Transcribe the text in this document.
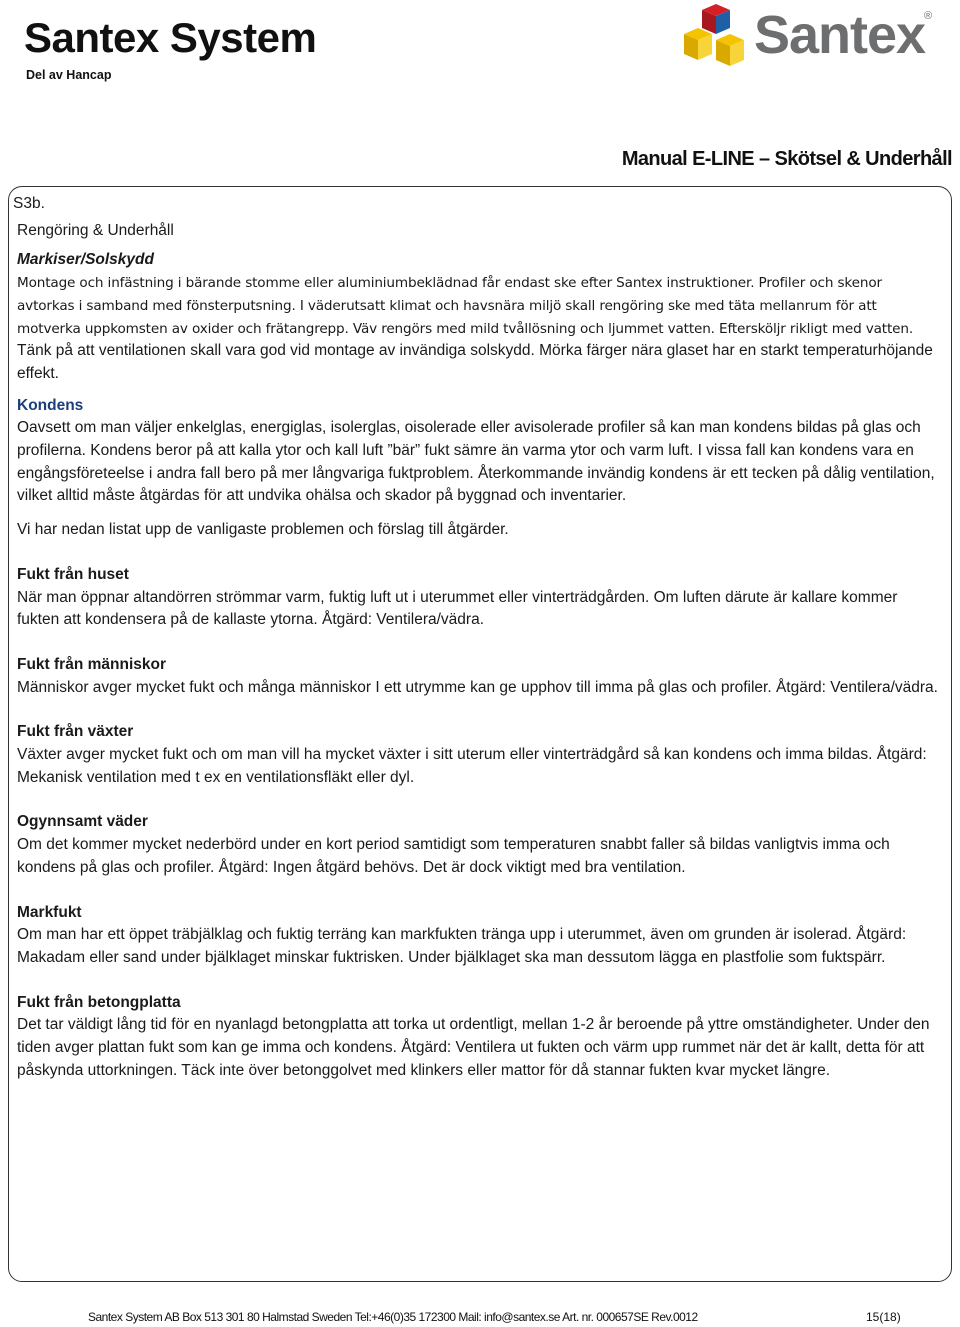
Santex System
Del av Hancap
Santex
®
Manual E-LINE – Skötsel & Underhåll

S3b.

Rengöring & Underhåll

Markiser/Solskydd

Montage och infästning i bärande stomme eller aluminiumbeklädnad får endast ske efter Santex instruktioner. Profiler och skenor avtorkas i samband med fönsterputsning. I väderutsatt klimat och havsnära miljö skall rengöring ske med täta mellanrum för att motverka uppkomsten av oxider och frätangrepp. Väv rengörs med mild tvållösning och ljummet vatten. Eftersköljr rikligt med vatten.

Tänk på att ventilationen skall vara god vid montage av invändiga solskydd. Mörka färger nära glaset har en starkt temperaturhöjande effekt.

Kondens

Oavsett om man väljer enkelglas, energiglas, isolerglas, oisolerade eller avisolerade profiler så kan man kondens bildas på glas och profilerna. Kondens beror på att kalla ytor och kall luft ”bär” fukt sämre än varma ytor och varm luft. I vissa fall kan kondens vara en engångsföreteelse i andra fall bero på mer långvariga fuktproblem. Återkommande invändig kondens är ett tecken på dålig ventilation, vilket alltid måste åtgärdas för att undvika ohälsa och skador på byggnad och inventarier.

Vi har nedan listat upp de vanligaste problemen och förslag till åtgärder.

Fukt från huset

När man öppnar altandörren strömmar varm, fuktig luft ut i uterummet eller vinterträdgården. Om luften därute är kallare kommer fukten att kondensera på de kallaste ytorna. Åtgärd: Ventilera/vädra.

Fukt från människor

Människor avger mycket fukt och många människor I ett utrymme kan ge upphov till imma på glas och profiler. Åtgärd: Ventilera/vädra.

Fukt från växter

Växter avger mycket fukt och om man vill ha mycket växter i sitt uterum eller vinterträdgård så kan kondens och imma bildas. Åtgärd: Mekanisk ventilation med t ex en ventilationsfläkt eller dyl.

Ogynnsamt väder

Om det kommer mycket nederbörd under en kort period samtidigt som temperaturen snabbt faller så bildas vanligtvis imma och kondens på glas och profiler. Åtgärd: Ingen åtgärd behövs. Det är dock viktigt med bra ventilation.

Markfukt

Om man har ett öppet träbjälklag och fuktig terräng kan markfukten tränga upp i uterummet, även om grunden är isolerad. Åtgärd: Makadam eller sand under bjälklaget minskar fuktrisken. Under bjälklaget ska man dessutom lägga en plastfolie som fuktspärr.

Fukt från betongplatta

Det tar väldigt lång tid för en nyanlagd betongplatta att torka ut ordentligt, mellan 1-2 år beroende på yttre omständigheter. Under den tiden avger plattan fukt som kan ge imma och kondens. Åtgärd: Ventilera ut fukten och värm upp rummet när det är kallt, detta för att påskynda uttorkningen. Täck inte över betonggolvet med klinkers eller mattor för då stannar fukten kvar mycket längre.

Santex System AB Box 513 301 80 Halmstad Sweden Tel:+46(0)35 172300 Mail: info@santex.se Art. nr. 000657SE Rev.0012	15(18)
